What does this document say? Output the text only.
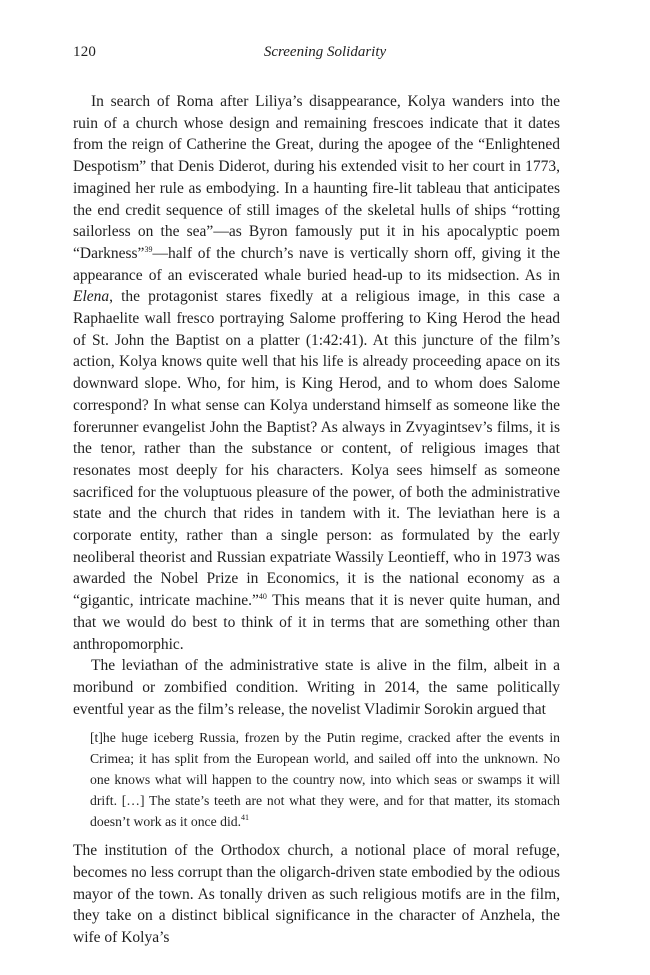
120	Screening Solidarity

In search of Roma after Liliya’s disappearance, Kolya wanders into the ruin of a church whose design and remaining frescoes indicate that it dates from the reign of Catherine the Great, during the apogee of the “Enlightened Despotism” that Denis Diderot, during his extended visit to her court in 1773, imagined her rule as embodying. In a haunting fire-lit tableau that anticipates the end credit sequence of still images of the skeletal hulls of ships “rotting sailorless on the sea”—as Byron famously put it in his apocalyptic poem “Darkness”$^{39}$—half of the church’s nave is vertically shorn off, giving it the appearance of an eviscerated whale buried head-up to its midsection. As in Elena, the protagonist stares fixedly at a religious image, in this case a Raphaelite wall fresco portraying Salome proffering to King Herod the head of St. John the Baptist on a platter (1:42:41). At this juncture of the film’s action, Kolya knows quite well that his life is already proceeding apace on its downward slope. Who, for him, is King Herod, and to whom does Salome correspond? In what sense can Kolya understand himself as someone like the forerunner evangelist John the Baptist? As always in Zvyagintsev’s films, it is the tenor, rather than the substance or content, of religious images that resonates most deeply for his characters. Kolya sees himself as someone sacrificed for the voluptuous pleasure of the power, of both the administrative state and the church that rides in tandem with it. The leviathan here is a corporate entity, rather than a single person: as formulated by the early neoliberal theorist and Russian expatriate Wassily Leontieff, who in 1973 was awarded the Nobel Prize in Economics, it is the national economy as a “gigantic, intricate machine.”$^{40}$ This means that it is never quite human, and that we would do best to think of it in terms that are something other than anthropomorphic.

The leviathan of the administrative state is alive in the film, albeit in a moribund or zombified condition. Writing in 2014, the same politically eventful year as the film’s release, the novelist Vladimir Sorokin argued that

[t]he huge iceberg Russia, frozen by the Putin regime, cracked after the events in Crimea; it has split from the European world, and sailed off into the unknown. No one knows what will happen to the country now, into which seas or swamps it will drift. […] The state’s teeth are not what they were, and for that matter, its stomach doesn’t work as it once did.$^{41}$

The institution of the Orthodox church, a notional place of moral refuge, becomes no less corrupt than the oligarch-driven state embodied by the odious mayor of the town. As tonally driven as such religious motifs are in the film, they take on a distinct biblical significance in the character of Anzhela, the wife of Kolya’s
